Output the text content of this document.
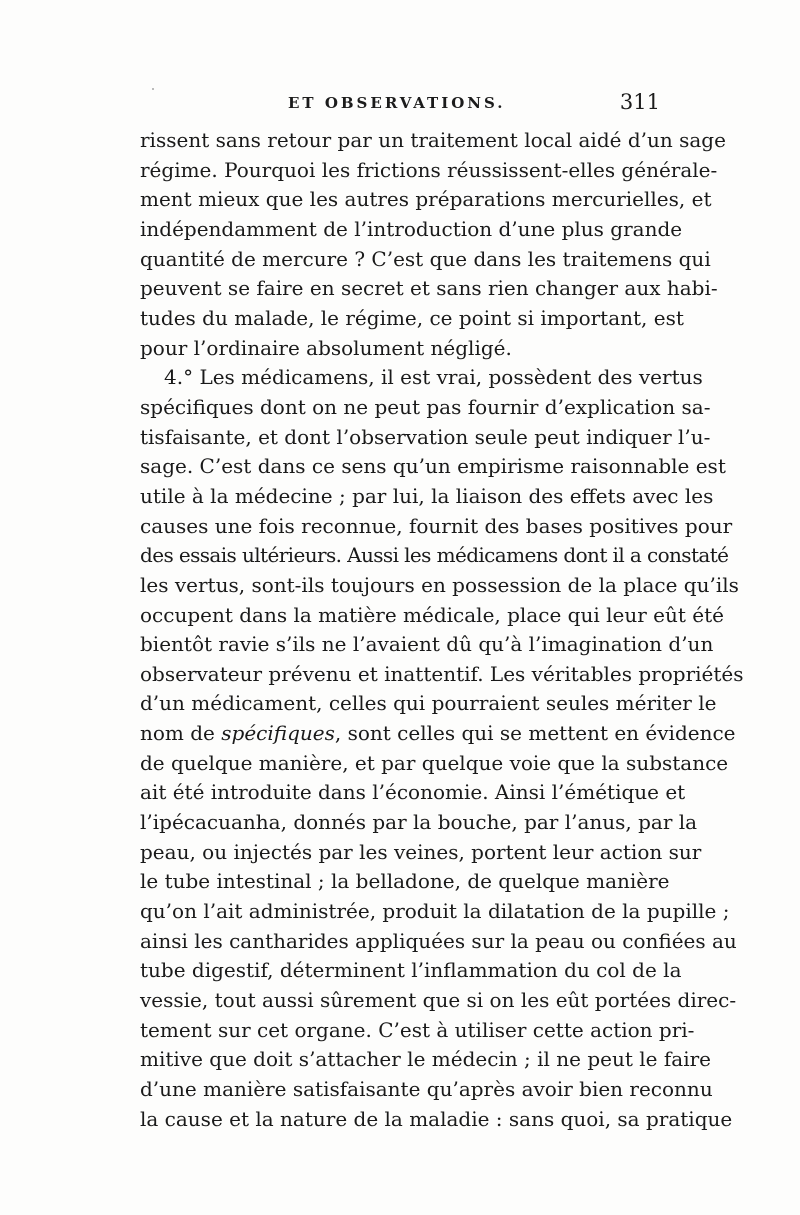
ET OBSERVATIONS.	311
rissent sans retour par un traitement local aidé d’un sage
régime. Pourquoi les frictions réussissent-elles générale-
ment mieux que les autres préparations mercurielles, et
indépendamment de l’introduction d’une plus grande
quantité de mercure ? C’est que dans les traitemens qui
peuvent se faire en secret et sans rien changer aux habi-
tudes du malade, le régime, ce point si important, est
pour l’ordinaire absolument négligé.
4.° Les médicamens, il est vrai, possèdent des vertus
spécifiques dont on ne peut pas fournir d’explication sa-
tisfaisante, et dont l’observation seule peut indiquer l’u-
sage. C’est dans ce sens qu’un empirisme raisonnable est
utile à la médecine ; par lui, la liaison des effets avec les
causes une fois reconnue, fournit des bases positives pour
des essais ultérieurs. Aussi les médicamens dont il a constaté
les vertus, sont-ils toujours en possession de la place qu’ils
occupent dans la matière médicale, place qui leur eût été
bientôt ravie s’ils ne l’avaient dû qu’à l’imagination d’un
observateur prévenu et inattentif. Les véritables propriétés
d’un médicament, celles qui pourraient seules mériter le
nom de spécifiques, sont celles qui se mettent en évidence
de quelque manière, et par quelque voie que la substance
ait été introduite dans l’économie. Ainsi l’émétique et
l’ipécacuanha, donnés par la bouche, par l’anus, par la
peau, ou injectés par les veines, portent leur action sur
le tube intestinal ; la belladone, de quelque manière
qu’on l’ait administrée, produit la dilatation de la pupille ;
ainsi les cantharides appliquées sur la peau ou confiées au
tube digestif, déterminent l’inflammation du col de la
vessie, tout aussi sûrement que si on les eût portées direc-
tement sur cet organe. C’est à utiliser cette action pri-
mitive que doit s’attacher le médecin ; il ne peut le faire
d’une manière satisfaisante qu’après avoir bien reconnu
la cause et la nature de la maladie : sans quoi, sa pratique
